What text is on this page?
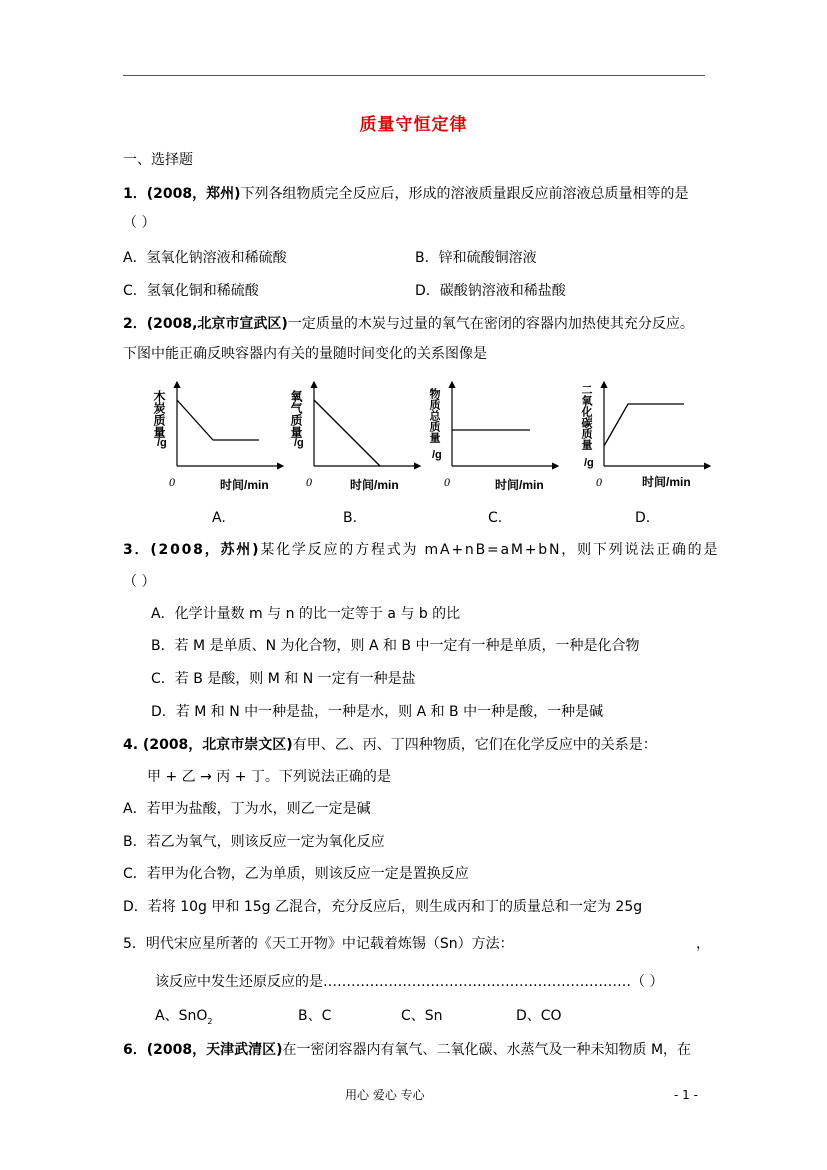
质量守恒定律
一、选择题
1．(2008，郑州)下列各组物质完全反应后，形成的溶液质量跟反应前溶液总质量相等的是
（ ）
A．氢氧化钠溶液和稀硫酸	B．锌和硫酸铜溶液
C．氢氧化铜和稀硫酸	D．碳酸钠溶液和稀盐酸
2．(2008,北京市宣武区)一定质量的木炭与过量的氧气在密闭的容器内加热使其充分反应。
下图中能正确反映容器内有关的量随时间变化的关系图像是
木炭质量
/g
0	时间/min
A.
氧气质量
/g
0	时间/min
B.
物质总质量
/g
0	时间/min
C.
二氧化碳质量
/g
0	时间/min
D.
3．(2008，苏州)某化学反应的方程式为 mA+nB=aM+bN，则下列说法正确的是
（ ）
A．化学计量数 m 与 n 的比一定等于 a 与 b 的比
B．若 M 是单质、N 为化合物，则 A 和 B 中一定有一种是单质，一种是化合物
C．若 B 是酸，则 M 和 N 一定有一种是盐
D．若 M 和 N 中一种是盐，一种是水，则 A 和 B 中一种是酸，一种是碱
4. (2008，北京市崇文区)有甲、乙、丙、丁四种物质，它们在化学反应中的关系是：
甲 + 乙 → 丙 + 丁。下列说法正确的是
A．若甲为盐酸，丁为水，则乙一定是碱
B．若乙为氧气，则该反应一定为氧化反应
C．若甲为化合物，乙为单质，则该反应一定是置换反应
D．若将 10g 甲和 15g 乙混合，充分反应后，则生成丙和丁的质量总和一定为 25g
5．明代宋应星所著的《天工开物》中记载着炼锡（Sn）方法：	，
该反应中发生还原反应的是…………………………………………………………（ ）
A、SnO$_2$	B、C	C、Sn	D、CO
6．(2008，天津武清区)在一密闭容器内有氧气、二氧化碳、水蒸气及一种未知物质 M，在
用心 爱心 专心	- 1 -
